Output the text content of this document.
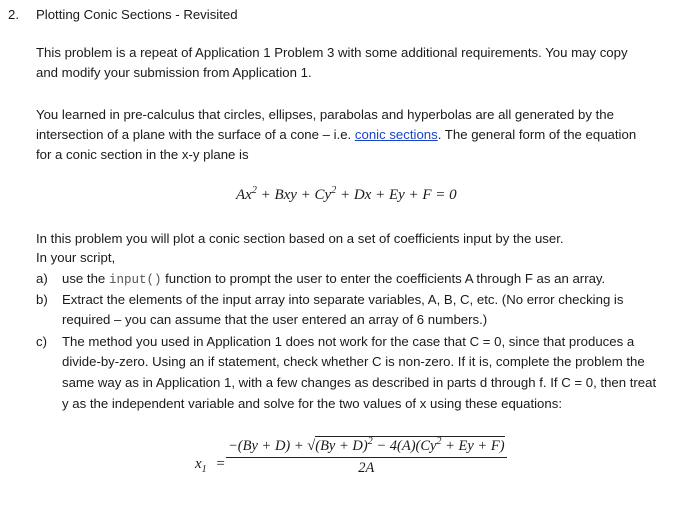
2. Plotting Conic Sections - Revisited
This problem is a repeat of Application 1 Problem 3 with some additional requirements. You may copy
and modify your submission from Application 1.
You learned in pre-calculus that circles, ellipses, parabolas and hyperbolas are all generated by the
intersection of a plane with the surface of a cone – i.e. conic sections. The general form of the equation
for a conic section in the x-y plane is
$Ax^2$ + Bxy + $Cy^2 + Dx + Ey + F = 0$
In this problem you will plot a conic section based on a set of coefficients input by the user.
In your script,
a) use the input() function to prompt the user to enter the coefficients A through F as an array.
b) Extract the elements of the input array into separate variables, A, B, C, etc. (No error checking is
required – you can assume that the user entered an array of 6 numbers.)
c) The method you used in Application 1 does not work for the case that C = 0, since that produces a
divide-by-zero. Using an if statement, check whether C is non-zero. If it is, complete the problem the
same way as in Application 1, with a few changes as described in parts d through f. If C = 0, then treat
y as the independent variable and solve for the two values of x using these equations:
$x_1$ =
$-(By + D) + √(By + D)^2 - 4(A)(Cy^2 + Ey + F)$
2A
